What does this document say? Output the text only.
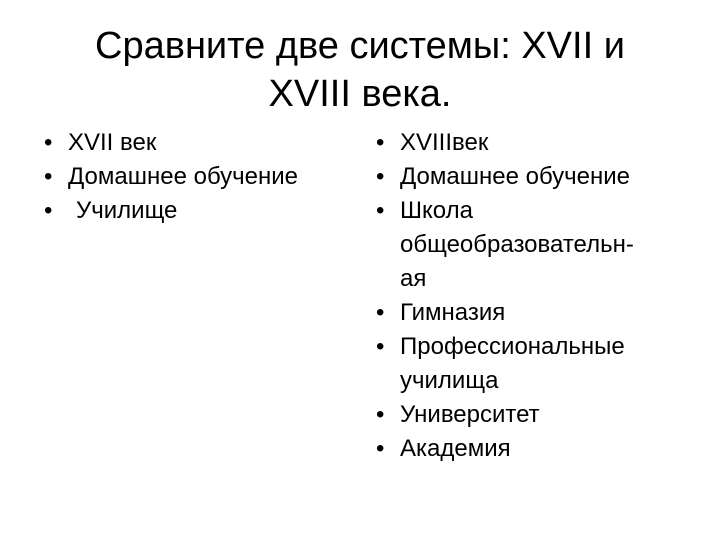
Сравните две системы: XVII и
XVIII века.
• XVII век
• Домашнее обучение
• Училище
• XVIIIвек
• Домашнее обучение
• Школа
общеобразовательн-
ая
• Гимназия
• Профессиональные
училища
• Университет
• Академия
